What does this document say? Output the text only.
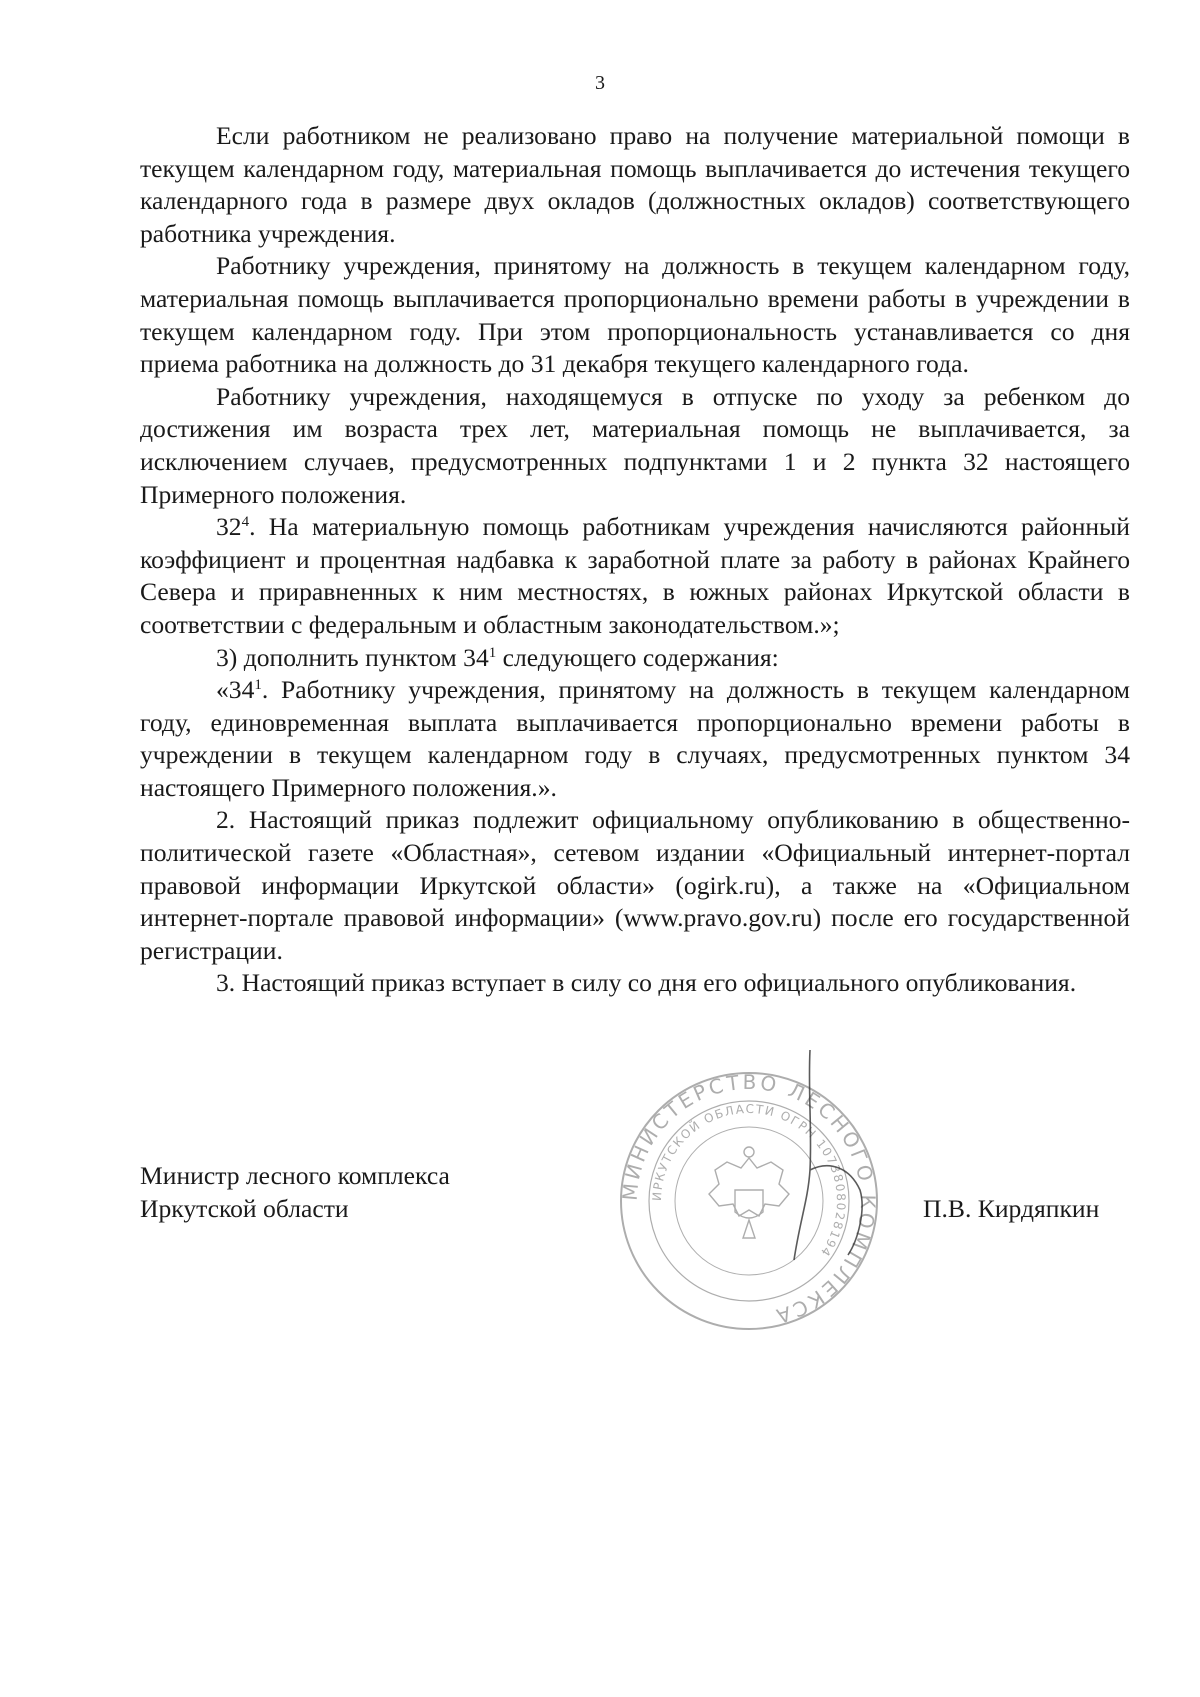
3

Если работником не реализовано право на получение материальной помощи в текущем календарном году, материальная помощь выплачивается до истечения текущего календарного года в размере двух окладов (должностных окладов) соответствующего работника учреждения.

Работнику учреждения, принятому на должность в текущем календарном году, материальная помощь выплачивается пропорционально времени работы в учреждении в текущем календарном году. При этом пропорциональность устанавливается со дня приема работника на должность до 31 декабря текущего календарного года.

Работнику учреждения, находящемуся в отпуске по уходу за ребенком до достижения им возраста трех лет, материальная помощь не выплачивается, за исключением случаев, предусмотренных подпунктами 1 и 2 пункта 32 настоящего Примерного положения.

$32^4$. На материальную помощь работникам учреждения начисляются районный коэффициент и процентная надбавка к заработной плате за работу в районах Крайнего Севера и приравненных к ним местностях, в южных районах Иркутской области в соответствии с федеральным и областным законодательством.»;

3) дополнить пунктом $34^1$ следующего содержания:

«$34^1$. Работнику учреждения, принятому на должность в текущем календарном году, единовременная выплата выплачивается пропорционально времени работы в учреждении в текущем календарном году в случаях, предусмотренных пунктом 34 настоящего Примерного положения.».

2. Настоящий приказ подлежит официальному опубликованию в общественно-политической газете «Областная», сетевом издании «Официальный интернет-портал правовой информации Иркутской области» (ogirk.ru), а также на «Официальном интернет-портале правовой информации» (www.pravo.gov.ru) после его государственной регистрации.

3. Настоящий приказ вступает в силу со дня его официального опубликования.

Министр лесного комплекса
Иркутской области	П.В. Кирдяпкин
МИНИСТЕРСТВО ЛЕСНОГО КОМПЛЕКСА
ИРКУТСКОЙ ОБЛАСТИ ОГРН 1073808028194
